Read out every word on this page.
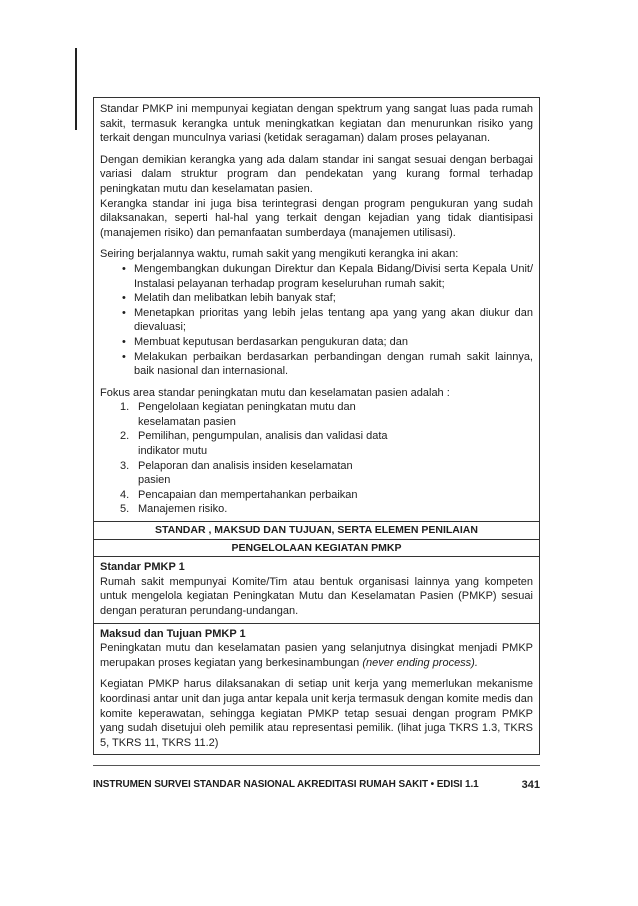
Standar PMKP ini mempunyai kegiatan dengan spektrum yang sangat luas pada rumah sakit, termasuk kerangka untuk meningkatkan kegiatan dan menurunkan risiko yang terkait dengan munculnya variasi (ketidak seragaman) dalam proses pelayanan.

Dengan demikian kerangka yang ada dalam standar ini sangat sesuai dengan berbagai variasi dalam struktur program dan pendekatan yang kurang formal terhadap peningkatan mutu dan keselamatan pasien.

Kerangka standar ini juga bisa terintegrasi dengan program pengukuran yang sudah dilaksanakan, seperti hal-hal yang terkait dengan kejadian yang tidak diantisipasi (manajemen risiko) dan pemanfaatan sumberdaya (manajemen utilisasi).

Seiring berjalannya waktu, rumah sakit yang mengikuti kerangka ini akan:

• Mengembangkan dukungan Direktur dan Kepala Bidang/Divisi serta Kepala Unit/ Instalasi pelayanan terhadap program keseluruhan rumah sakit;
• Melatih dan melibatkan lebih banyak staf;
• Menetapkan prioritas yang lebih jelas tentang apa yang yang akan diukur dan dievaluasi;
• Membuat keputusan berdasarkan pengukuran data; dan
• Melakukan perbaikan berdasarkan perbandingan dengan rumah sakit lainnya, baik nasional dan internasional.

Fokus area standar peningkatan mutu dan keselamatan pasien adalah :

1. Pengelolaan kegiatan peningkatan mutu dan keselamatan pasien
2. Pemilihan, pengumpulan, analisis dan validasi data indikator mutu
3. Pelaporan dan analisis insiden keselamatan pasien
4. Pencapaian dan mempertahankan perbaikan
5. Manajemen risiko.
STANDAR , MAKSUD DAN TUJUAN, SERTA ELEMEN PENILAIAN
PENGELOLAAN KEGIATAN PMKP
Standar PMKP 1

Rumah sakit mempunyai Komite/Tim atau bentuk organisasi lainnya yang kompeten untuk mengelola kegiatan Peningkatan Mutu dan Keselamatan Pasien (PMKP) sesuai dengan peraturan perundang-undangan.

Maksud dan Tujuan PMKP 1

Peningkatan mutu dan keselamatan pasien yang selanjutnya disingkat menjadi PMKP merupakan proses kegiatan yang berkesinambungan (never ending process).

Kegiatan PMKP harus dilaksanakan di setiap unit kerja yang memerlukan mekanisme koordinasi antar unit dan juga antar kepala unit kerja termasuk dengan komite medis dan komite keperawatan, sehingga kegiatan PMKP tetap sesuai dengan program PMKP yang sudah disetujui oleh pemilik atau representasi pemilik. (lihat juga TKRS 1.3, TKRS 5, TKRS 11, TKRS 11.2)

INSTRUMEN SURVEI STANDAR NASIONAL AKREDITASI RUMAH SAKIT • EDISI 1.1	341
